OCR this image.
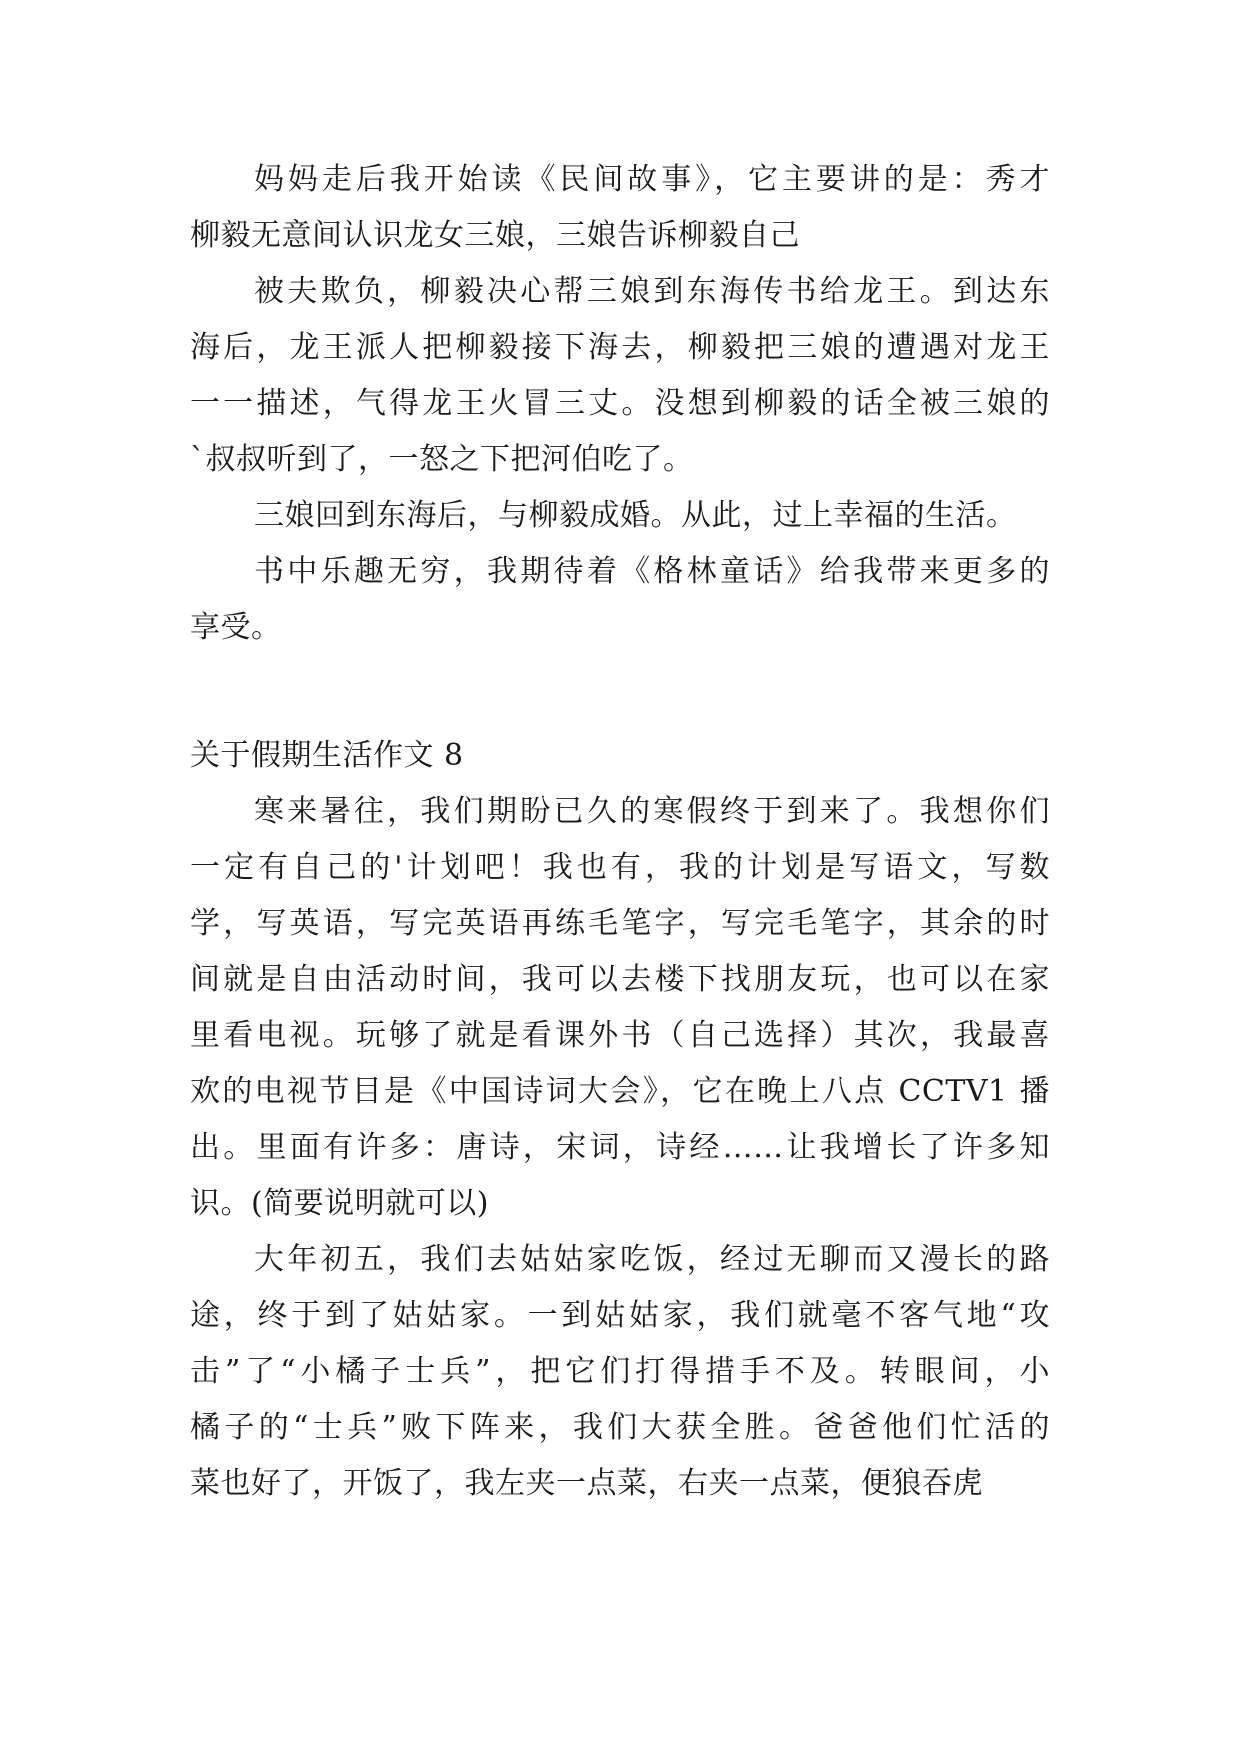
妈妈走后我开始读《民间故事》，它主要讲的是：秀才
柳毅无意间认识龙女三娘，三娘告诉柳毅自己
被夫欺负，柳毅决心帮三娘到东海传书给龙王。到达东
海后，龙王派人把柳毅接下海去，柳毅把三娘的遭遇对龙王
一一描述，气得龙王火冒三丈。没想到柳毅的话全被三娘的
`叔叔听到了，一怒之下把河伯吃了。
三娘回到东海后，与柳毅成婚。从此，过上幸福的生活。
书中乐趣无穷，我期待着《格林童话》给我带来更多的
享受。
关于假期生活作文 8
寒来暑往，我们期盼已久的寒假终于到来了。我想你们
一定有自己的'计划吧！我也有，我的计划是写语文，写数
学，写英语，写完英语再练毛笔字，写完毛笔字，其余的时
间就是自由活动时间，我可以去楼下找朋友玩，也可以在家
里看电视。玩够了就是看课外书（自己选择）其次，我最喜
欢的电视节目是《中国诗词大会》，它在晚上八点 CCTV1 播
出。里面有许多：唐诗，宋词，诗经……让我增长了许多知
识。(简要说明就可以)
大年初五，我们去姑姑家吃饭，经过无聊而又漫长的路
途，终于到了姑姑家。一到姑姑家，我们就毫不客气地“攻
击”了“小橘子士兵”，把它们打得措手不及。转眼间，小
橘子的“士兵”败下阵来，我们大获全胜。爸爸他们忙活的
菜也好了，开饭了，我左夹一点菜，右夹一点菜，便狼吞虎
